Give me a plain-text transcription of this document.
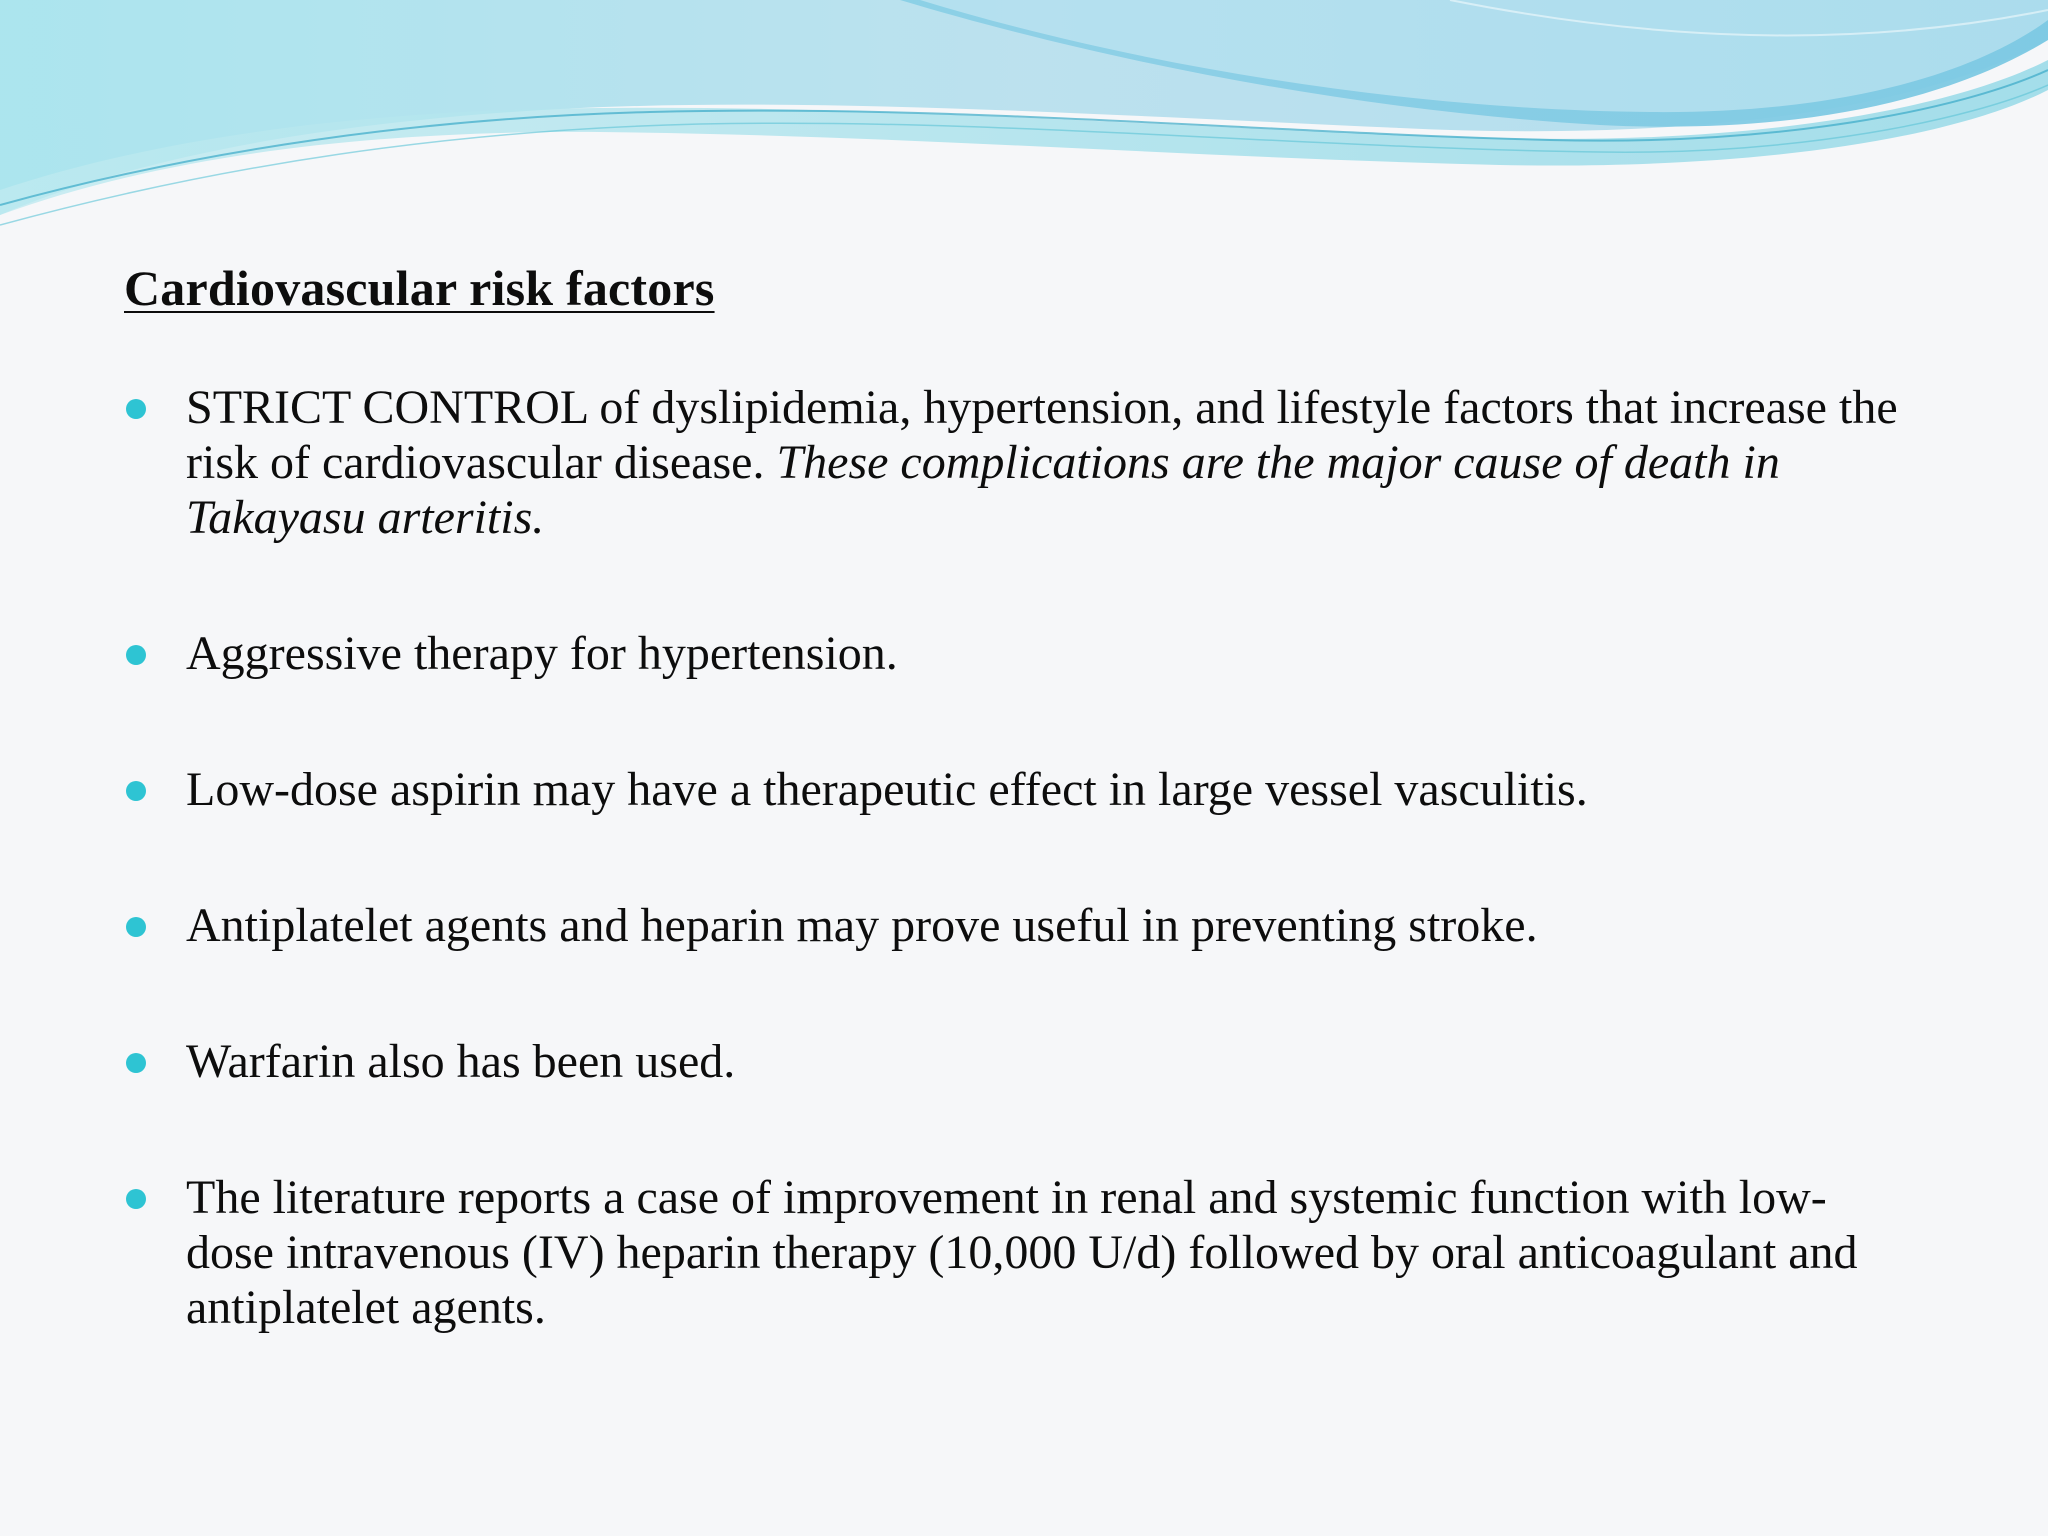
Cardiovascular risk factors
STRICT CONTROL of dyslipidemia, hypertension, and lifestyle factors that increase the risk of cardiovascular disease. These complications are the major cause of death in Takayasu arteritis.
Aggressive therapy for hypertension.
Low-dose aspirin may have a therapeutic effect in large vessel vasculitis.
Antiplatelet agents and heparin may prove useful in preventing stroke.
Warfarin also has been used.
The literature reports a case of improvement in renal and systemic function with low-dose intravenous (IV) heparin therapy (10,000 U/d) followed by oral anticoagulant and antiplatelet agents.
